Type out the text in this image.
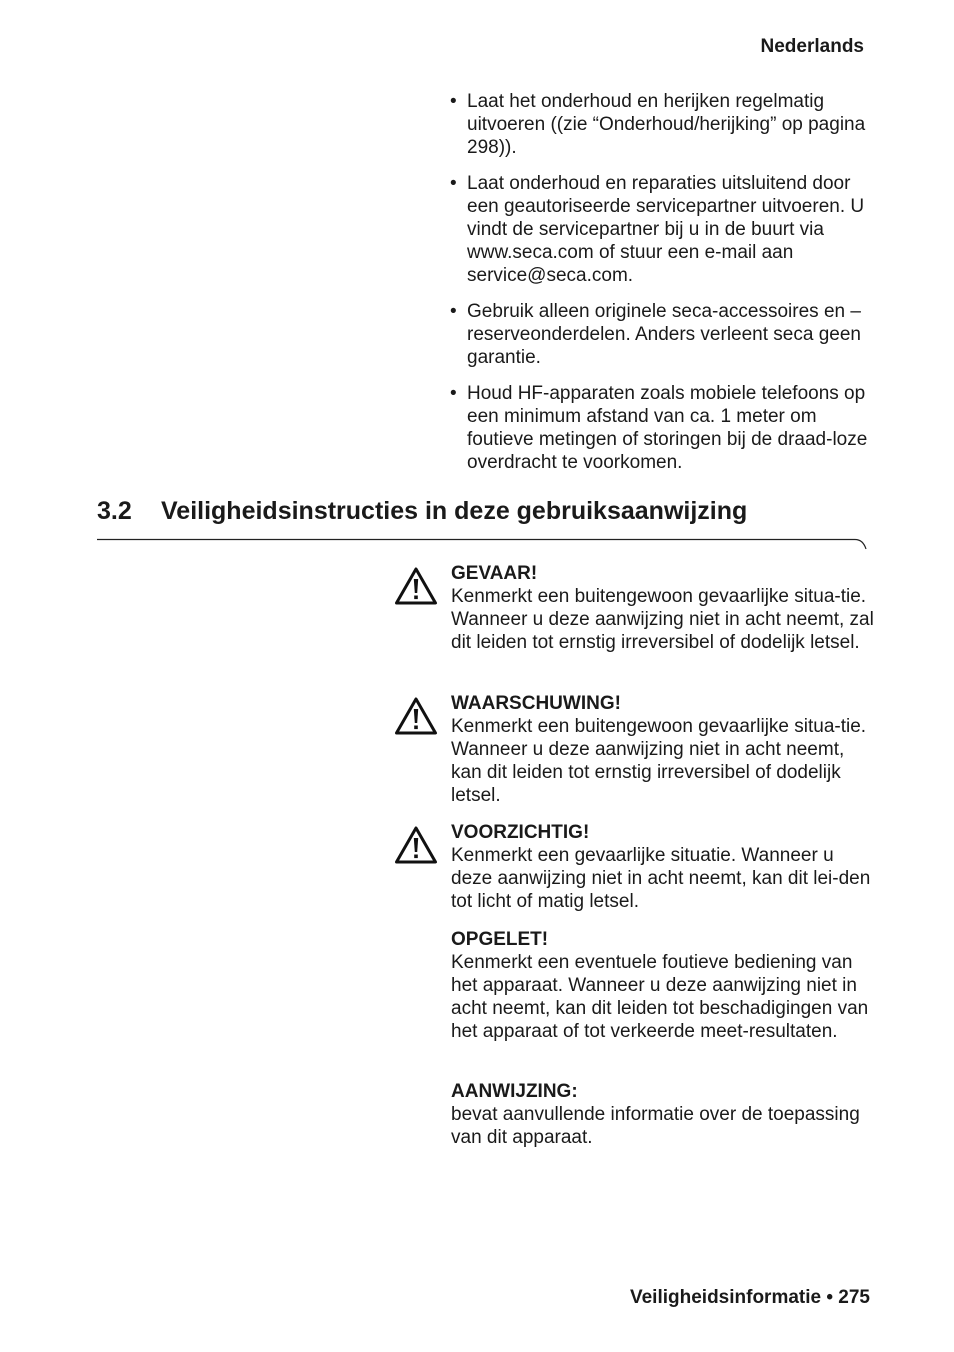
Nederlands
• Laat het onderhoud en herijken regelmatig uitvoeren ((zie “Onderhoud/herijking” op pagina 298)).
• Laat onderhoud en reparaties uitsluitend door een geautoriseerde servicepartner uitvoeren. U vindt de servicepartner bij u in de buurt via www.seca.com of stuur een e-mail aan service@seca.com.
• Gebruik alleen originele seca-accessoires en –reserveonderdelen. Anders verleent seca geen garantie.
• Houd HF-apparaten zoals mobiele telefoons op een minimum afstand van ca. 1 meter om foutieve metingen of storingen bij de draad-loze overdracht te voorkomen.
3.2 Veiligheidsinstructies in deze gebruiksaanwijzing
GEVAAR!
Kenmerkt een buitengewoon gevaarlijke situa-tie. Wanneer u deze aanwijzing niet in acht neemt, zal dit leiden tot ernstig irreversibel of dodelijk letsel.
WAARSCHUWING!
Kenmerkt een buitengewoon gevaarlijke situa-tie. Wanneer u deze aanwijzing niet in acht neemt, kan dit leiden tot ernstig irreversibel of dodelijk letsel.
VOORZICHTIG!
Kenmerkt een gevaarlijke situatie. Wanneer u deze aanwijzing niet in acht neemt, kan dit lei-den tot licht of matig letsel.
OPGELET!
Kenmerkt een eventuele foutieve bediening van het apparaat. Wanneer u deze aanwijzing niet in acht neemt, kan dit leiden tot beschadigingen van het apparaat of tot verkeerde meet-resultaten.
AANWIJZING:
bevat aanvullende informatie over de toepassing van dit apparaat.
Veiligheidsinformatie • 275
